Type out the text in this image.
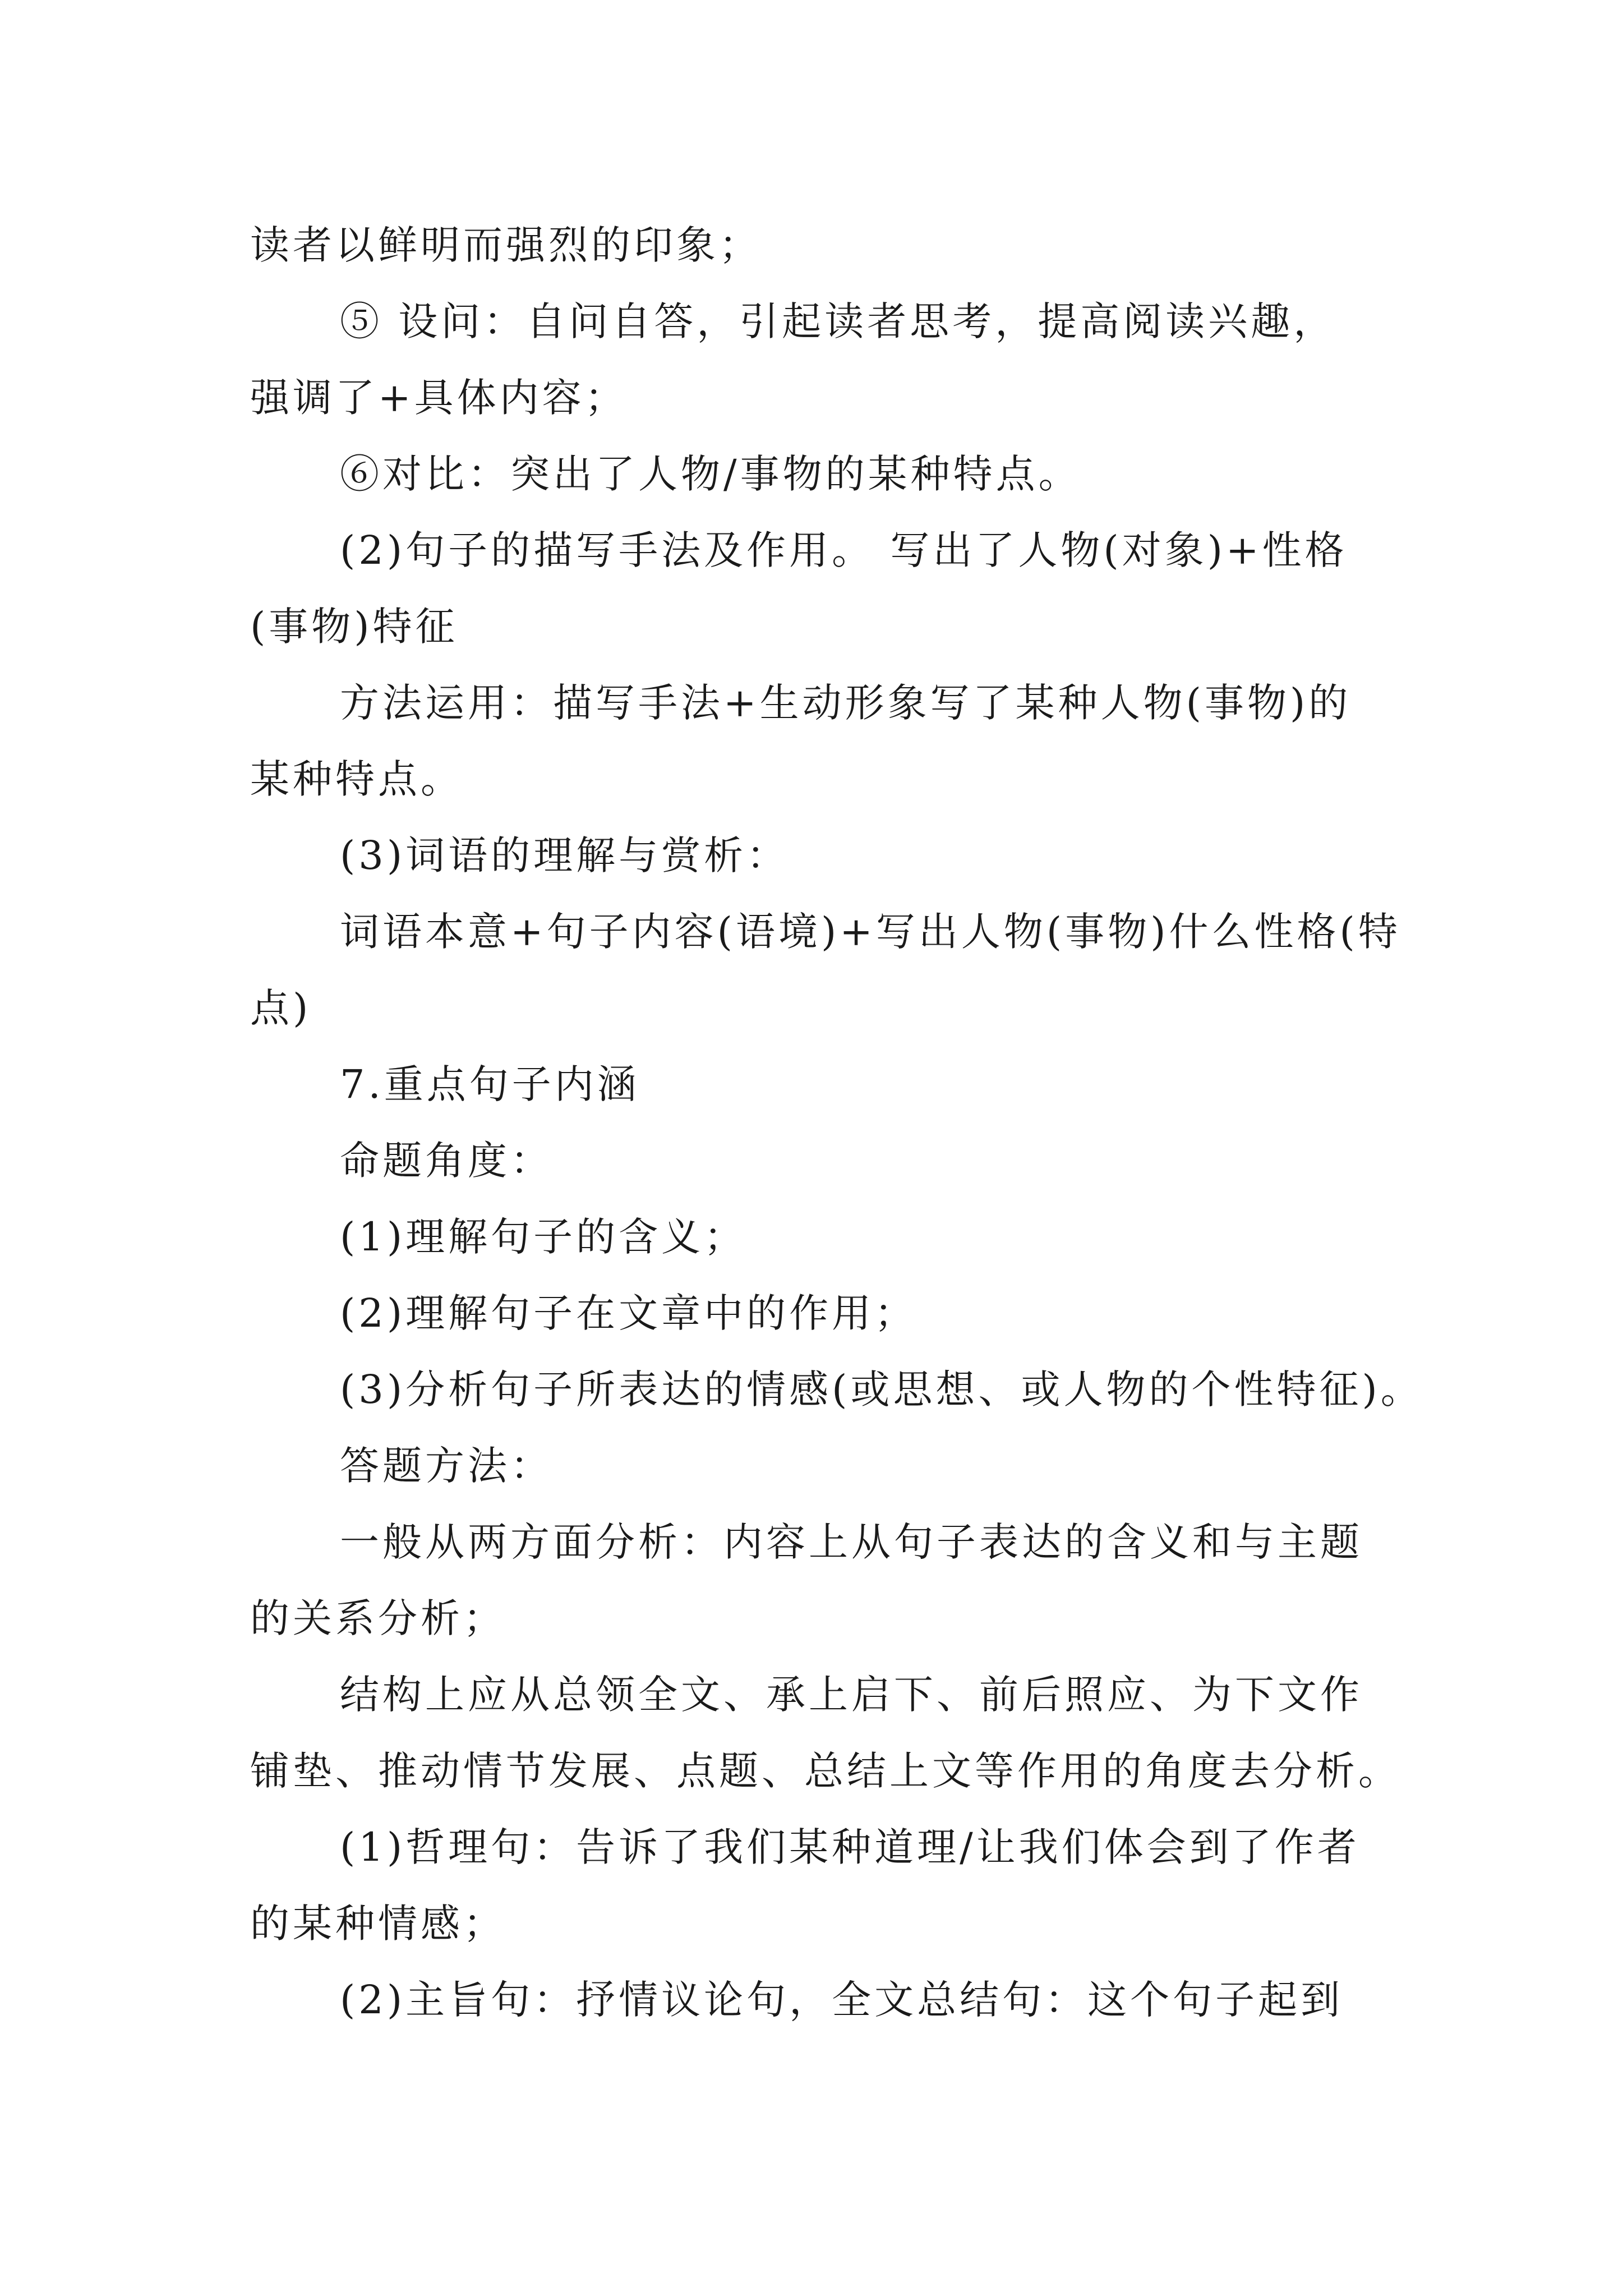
读者以鲜明而强烈的印象；
⑤ 设问：自问自答，引起读者思考，提高阅读兴趣，
强调了+具体内容；
⑥对比：突出了人物/事物的某种特点。
(2)句子的描写手法及作用。 写出了人物(对象)+性格
(事物)特征
方法运用：描写手法+生动形象写了某种人物(事物)的
某种特点。
(3)词语的理解与赏析：
词语本意+句子内容(语境)+写出人物(事物)什么性格(特
点)
7.重点句子内涵
命题角度：
(1)理解句子的含义；
(2)理解句子在文章中的作用；
(3)分析句子所表达的情感(或思想、或人物的个性特征)。
答题方法：
一般从两方面分析：内容上从句子表达的含义和与主题
的关系分析；
结构上应从总领全文、承上启下、前后照应、为下文作
铺垫、推动情节发展、点题、总结上文等作用的角度去分析。
(1)哲理句：告诉了我们某种道理/让我们体会到了作者
的某种情感；
(2)主旨句：抒情议论句，全文总结句：这个句子起到
